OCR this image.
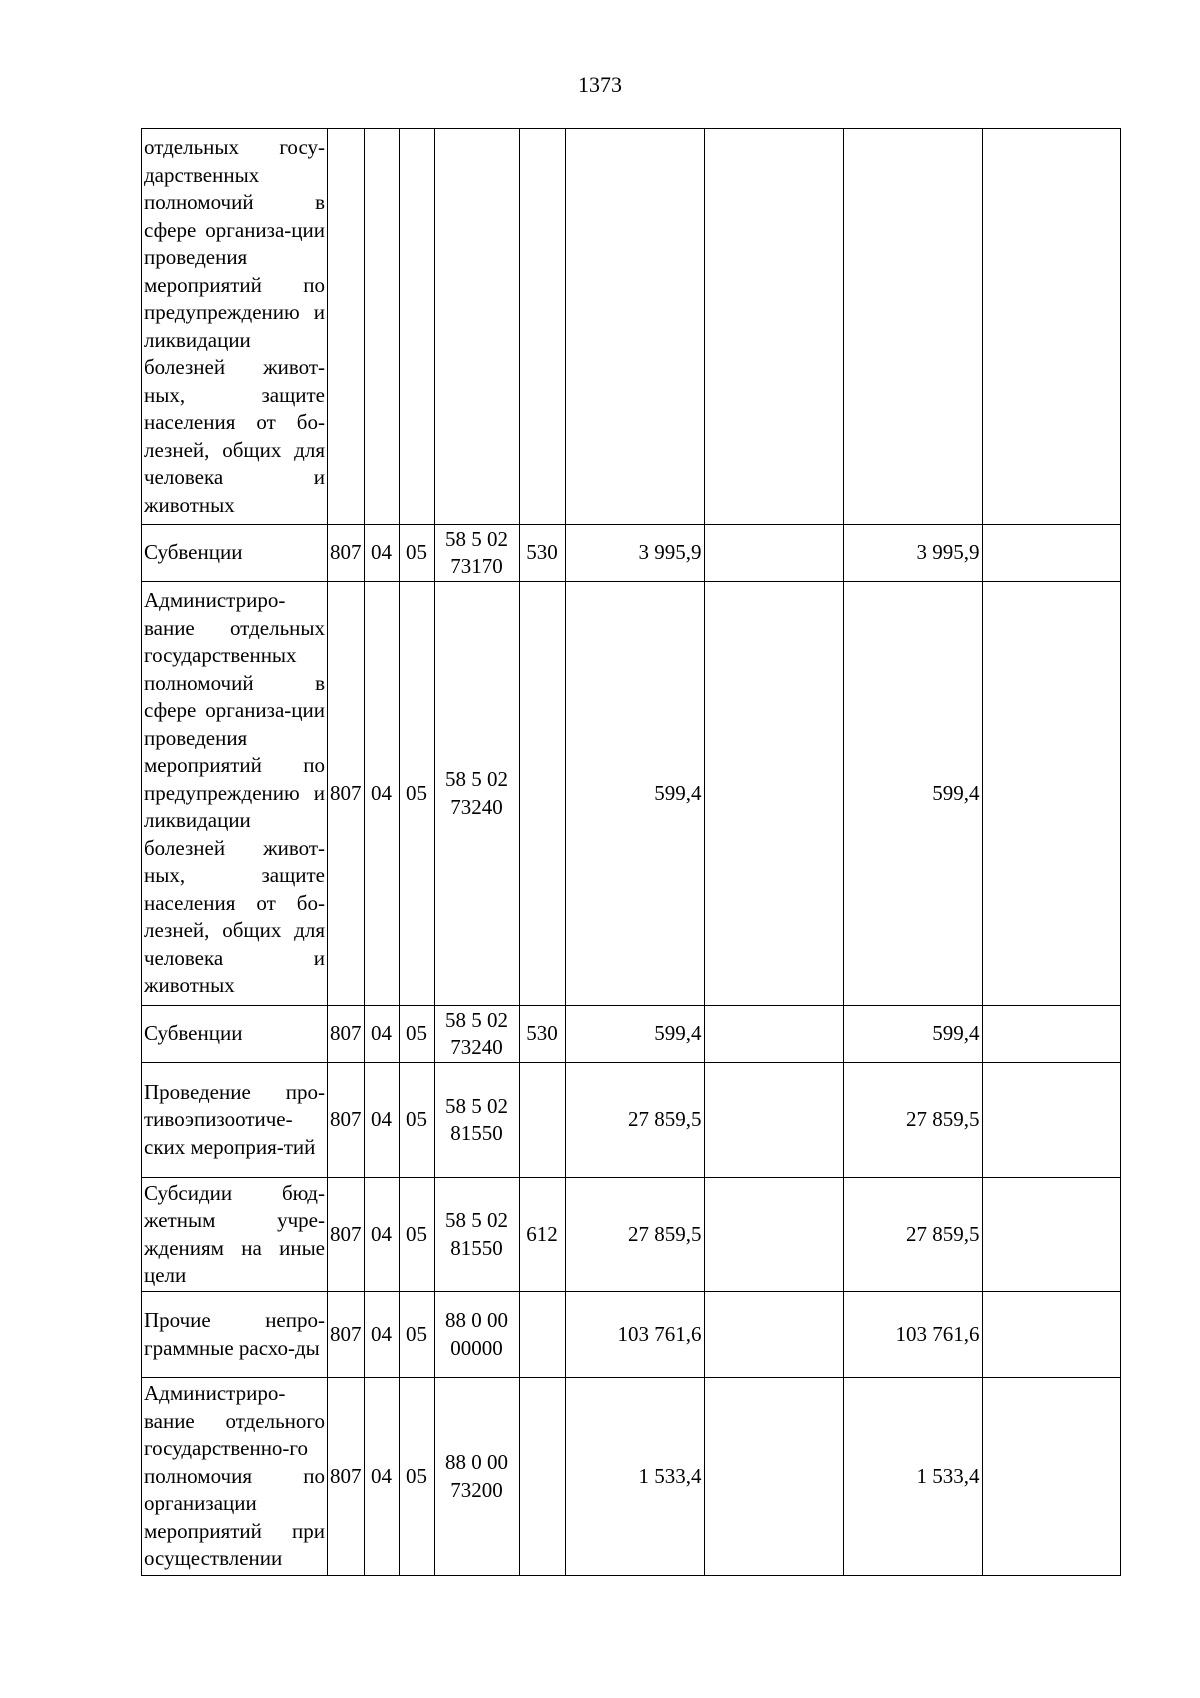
1373
отдельных госу-дарственных полномочий в сфере организа-ции проведения мероприятий по предупреждению и ликвидации болезней живот-ных, защите населения от бо-лезней, общих для человека и животных									
Субвенции	807	04	05	58 5 02 73170	530	3 995,9		3 995,9	
Администриро-вание отдельных государственных полномочий в сфере организа-ции проведения мероприятий по предупреждению и ликвидации болезней живот-ных, защите населения от бо-лезней, общих для человека и животных	807	04	05	58 5 02 73240		599,4		599,4	
Субвенции	807	04	05	58 5 02 73240	530	599,4		599,4	
Проведение про-тивоэпизоотиче-ских мероприя-тий	807	04	05	58 5 02 81550		27 859,5		27 859,5	
Субсидии бюд-жетным учре-ждениям на иные цели	807	04	05	58 5 02 81550	612	27 859,5		27 859,5	
Прочие непро-граммные расхо-ды	807	04	05	88 0 00 00000		103 761,6		103 761,6	
Администриро-вание отдельного государственно-го полномочия по организации мероприятий при осуществлении	807	04	05	88 0 00 73200		1 533,4		1 533,4	
